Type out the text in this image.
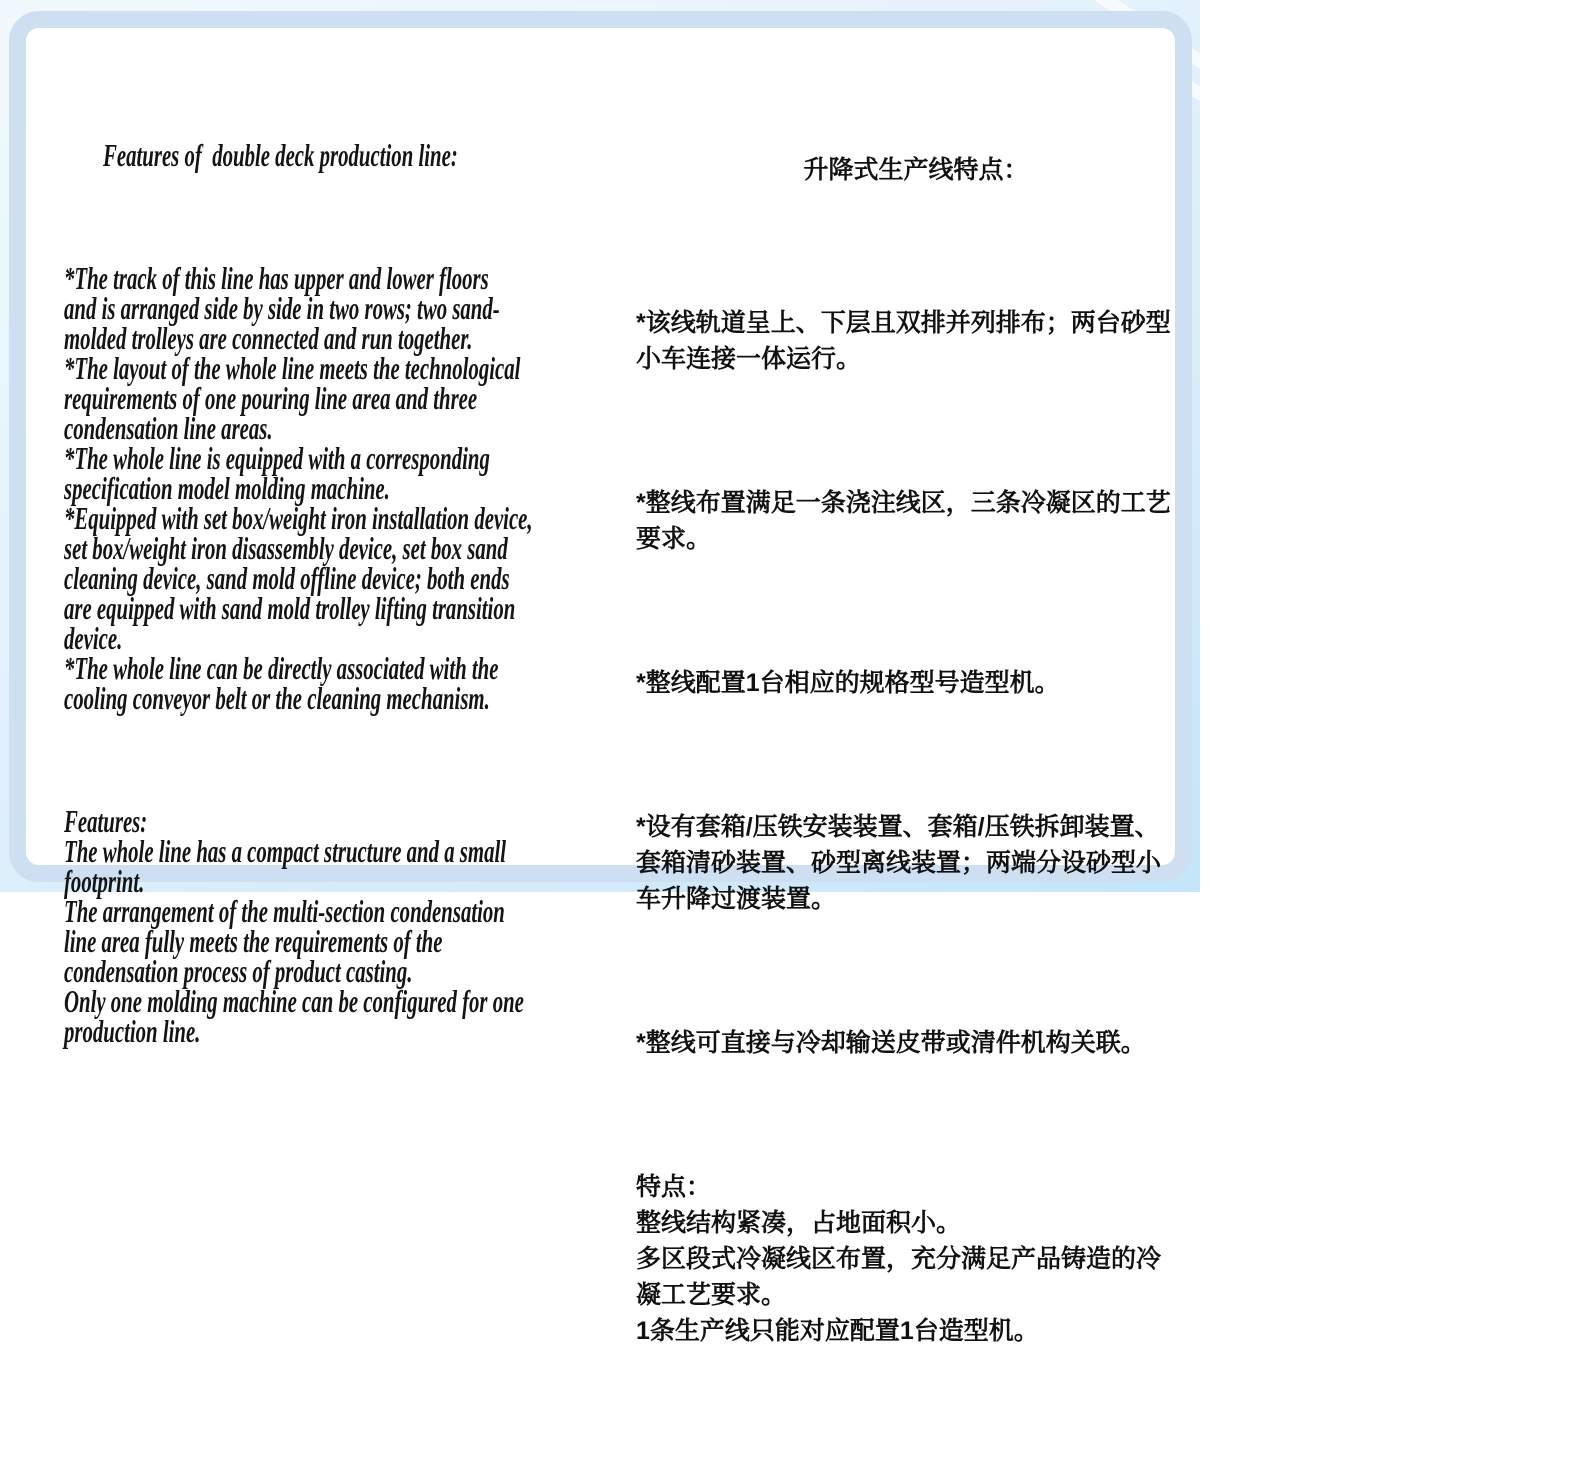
Features of  double deck production line:

*The track of this line has upper and lower floors
and is arranged side by side in two rows; two sand-
molded trolleys are connected and run together.
*The layout of the whole line meets the technological
requirements of one pouring line area and three
condensation line areas.
*The whole line is equipped with a corresponding
specification model molding machine.
*Equipped with set box/weight iron installation device,
set box/weight iron disassembly device, set box sand
cleaning device, sand mold offline device; both ends
are equipped with sand mold trolley lifting transition
device.
*The whole line can be directly associated with the
cooling conveyor belt or the cleaning mechanism.

Features:
The whole line has a compact structure and a small
footprint.
The arrangement of the multi-section condensation
line area fully meets the requirements of the
condensation process of product casting.
Only one molding machine can be configured for one
production line.

升降式生产线特点：

*该线轨道呈上、下层且双排并列排布；两台砂型
小车连接一体运行。

*整线布置满足一条浇注线区，三条冷凝区的工艺
要求。

*整线配置1台相应的规格型号造型机。

*设有套箱/压铁安装装置、套箱/压铁拆卸装置、
套箱清砂装置、砂型离线装置；两端分设砂型小
车升降过渡装置。

*整线可直接与冷却输送皮带或清件机构关联。

特点：
整线结构紧凑，占地面积小。
多区段式冷凝线区布置，充分满足产品铸造的冷
凝工艺要求。
1条生产线只能对应配置1台造型机。
